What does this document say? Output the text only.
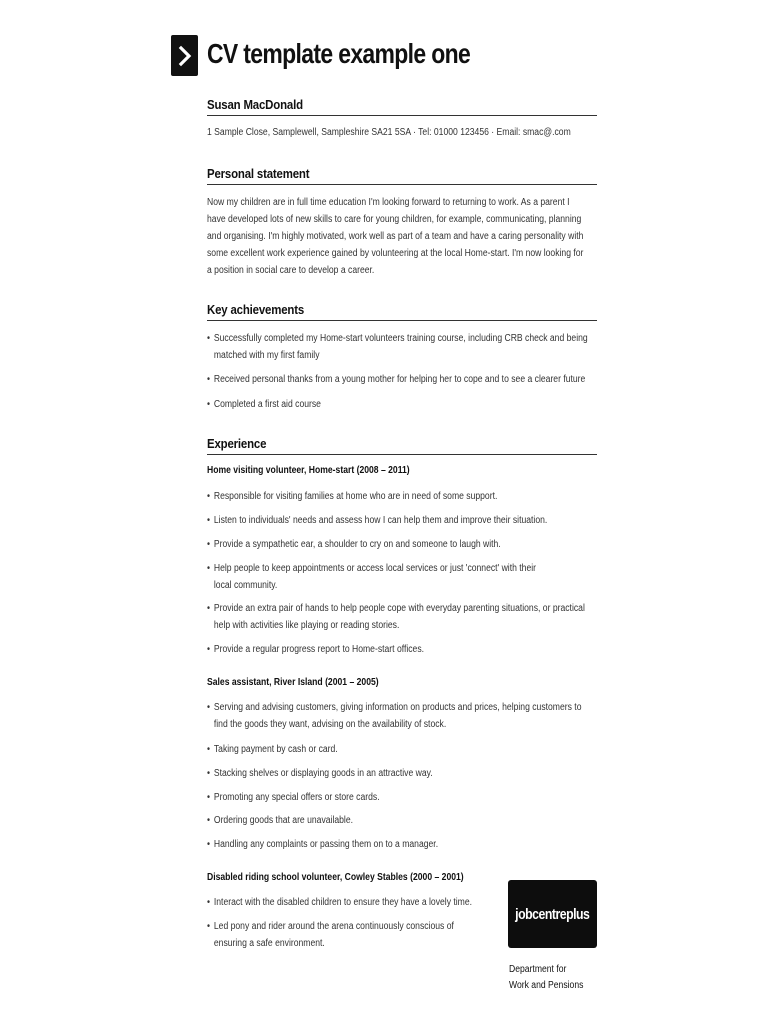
CV template example one
Susan MacDonald
1 Sample Close, Samplewell, Sampleshire SA21 5SA · Tel: 01000 123456 · Email: smac@.com
Personal statement
Now my children are in full time education I'm looking forward to returning to work. As a parent I
have developed lots of new skills to care for young children, for example, communicating, planning
and organising. I'm highly motivated, work well as part of a team and have a caring personality with
some excellent work experience gained by volunteering at the local Home-start. I'm now looking for
a position in social care to develop a career.
Key achievements
• Successfully completed my Home-start volunteers training course, including CRB check and being
matched with my first family
• Received personal thanks from a young mother for helping her to cope and to see a clearer future
• Completed a first aid course
Experience
Home visiting volunteer, Home-start (2008 – 2011)
• Responsible for visiting families at home who are in need of some support.
• Listen to individuals' needs and assess how I can help them and improve their situation.
• Provide a sympathetic ear, a shoulder to cry on and someone to laugh with.
• Help people to keep appointments or access local services or just 'connect' with their
local community.
• Provide an extra pair of hands to help people cope with everyday parenting situations, or practical
help with activities like playing or reading stories.
• Provide a regular progress report to Home-start offices.
Sales assistant, River Island (2001 – 2005)
• Serving and advising customers, giving information on products and prices, helping customers to
find the goods they want, advising on the availability of stock.
• Taking payment by cash or card.
• Stacking shelves or displaying goods in an attractive way.
• Promoting any special offers or store cards.
• Ordering goods that are unavailable.
• Handling any complaints or passing them on to a manager.
Disabled riding school volunteer, Cowley Stables (2000 – 2001)
• Interact with the disabled children to ensure they have a lovely time.
• Led pony and rider around the arena continuously conscious of
ensuring a safe environment.
jobcentreplus
Department for
Work and Pensions
